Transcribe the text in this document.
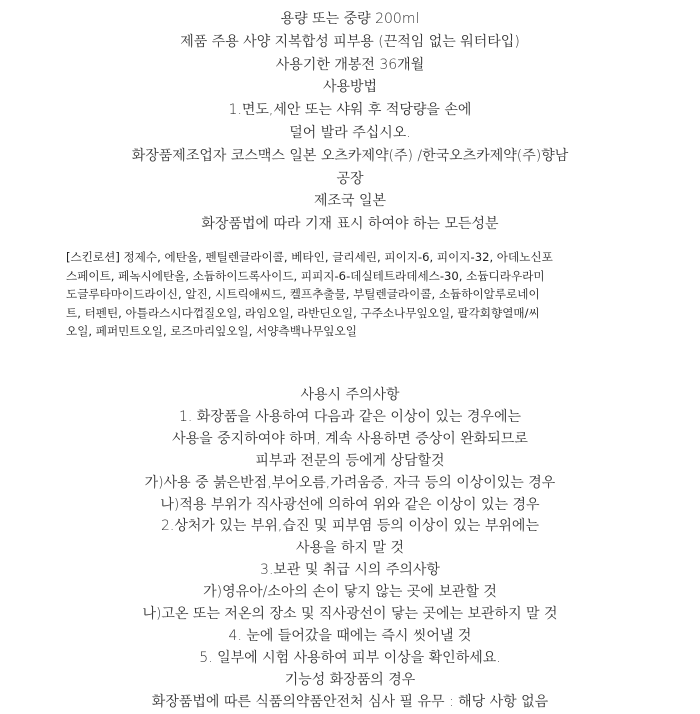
용량 또는 중량 200ml
제품 주용 사양 지복합성 피부용 (끈적임 없는 워터타입)
사용기한 개봉전 36개월
사용방법
1.면도,세안 또는 샤워 후 적당량을 손에
덜어 발라 주십시오.
화장품제조업자 코스맥스 일본 오츠카제약(주) /한국오츠카제약(주)향남
공장
제조국 일본
화장품법에 따라 기재 표시 하여야 하는 모든성분
[스킨로션] 정제수, 에탄올, 펜틸렌글라이콜, 베타인, 글리세린, 피이지-6, 피이지-32, 아데노신포
스페이트, 페녹시에탄올, 소듐하이드록사이드, 피피지-6-데실테트라데세스-30, 소듐디라우라미
도글루타마이드라이신, 알진, 시트릭애씨드, 켈프추출물, 부틸렌글라이콜, 소듐하이알루로네이
트, 터펜틴, 아틀라스시다껍질오일, 라임오일, 라반딘오일, 구주소나무잎오일, 팔각회향열매/씨
오일, 페퍼민트오일, 로즈마리잎오일, 서양측백나무잎오일
사용시 주의사항
1. 화장품을 사용하여 다음과 같은 이상이 있는 경우에는
사용을 중지하여야 하며, 계속 사용하면 증상이 완화되므로
피부과 전문의 등에게 상담할것
가)사용 중 붉은반점,부어오름,가려움증, 자극 등의 이상이있는 경우
나)적용 부위가 직사광선에 의하여 위와 같은 이상이 있는 경우
2.상처가 있는 부위,습진 및 피부염 등의 이상이 있는 부위에는
사용을 하지 말 것
3.보관 및 취급 시의 주의사항
가)영유아/소아의 손이 닿지 않는 곳에 보관할 것
나)고온 또는 저온의 장소 및 직사광선이 닿는 곳에는 보관하지 말 것
4. 눈에 들어갔을 때에는 즉시 씻어낼 것
5. 일부에 시험 사용하여 피부 이상을 확인하세요.
기능성 화장품의 경우
화장품법에 따른 식품의약품안전처 심사 필 유무 : 해당 사항 없음
